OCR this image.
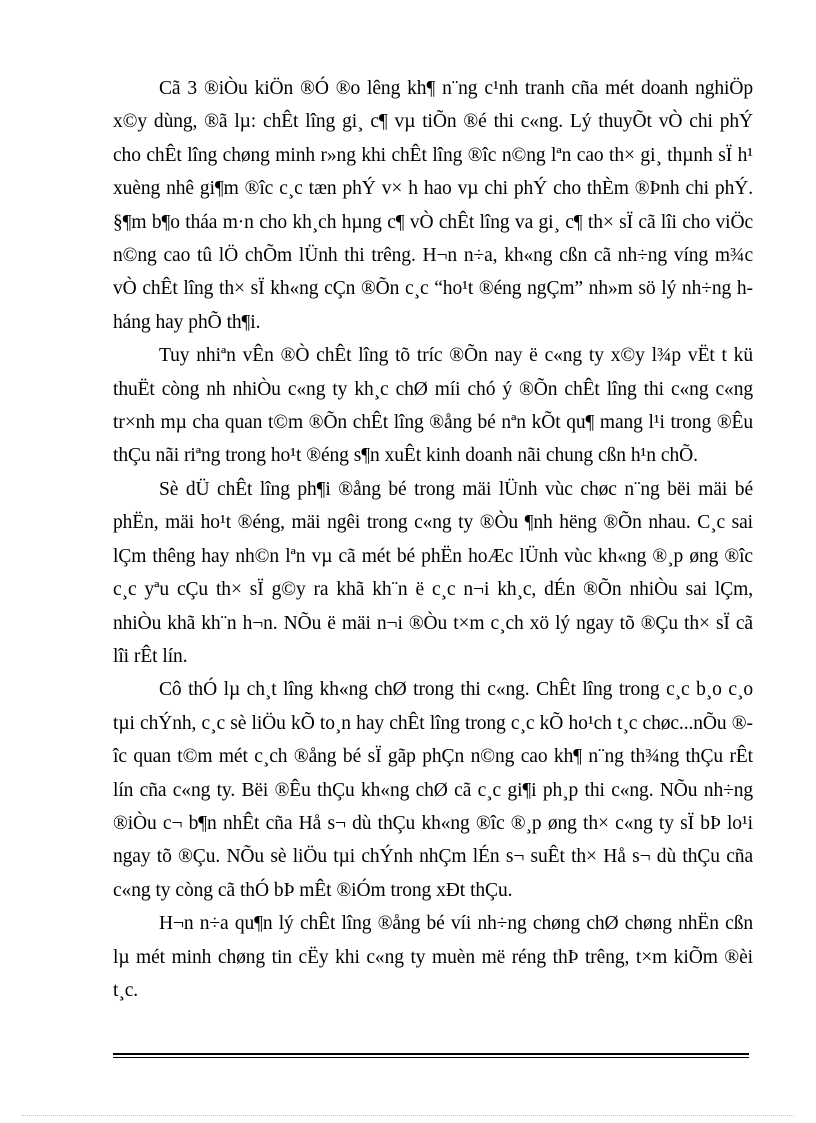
Cã 3 ®iÒu kiÖn ®Ó ®o lêng kh¶ n¨ng c¹nh tranh cña mét doanh nghiÖp x©y dùng, ®ã lµ: chÊt lîng gi¸ c¶ vµ tiÕn ®é thi c«ng. Lý thuyÕt vÒ chi phÝ cho chÊt lîng chøng minh r»ng khi chÊt lîng ®îc n©ng lªn cao th× gi¸ thµnh sÏ h¹ xuèng nhê gi¶m ®îc c¸c tæn phÝ v× h hao vµ chi phÝ cho thÈm ®Þnh chi phÝ. §¶m b¶o tháa m·n cho kh¸ch hµng c¶ vÒ chÊt lîng va gi¸ c¶ th× sÏ cã lîi cho viÖc n©ng cao tû lÖ chÕm lÜnh thi trêng. H¬n n÷a, kh«ng cßn cã nh÷ng víng m¾c vÒ chÊt lîng th× sÏ kh«ng cÇn ®Õn c¸c “ho¹t ®éng ngÇm” nh»m sö lý nh÷ng h háng hay phÕ th¶i.

Tuy nhiªn vÊn ®Ò chÊt lîng tõ tríc ®Õn nay ë c«ng ty x©y l¾p vËt t kü thuËt còng nh nhiÒu c«ng ty kh¸c chØ míi chó ý ®Õn chÊt lîng thi c«ng c«ng tr×nh mµ cha quan t©m ®Õn chÊt lîng ®ång bé nªn kÕt qu¶ mang l¹i trong ®Êu thÇu nãi riªng trong ho¹t ®éng s¶n xuÊt kinh doanh nãi chung cßn h¹n chÕ.

Sè dÜ chÊt lîng ph¶i ®ång bé trong mäi lÜnh vùc chøc n¨ng bëi mäi bé phËn, mäi ho¹t ®éng, mäi ngêi trong c«ng ty ®Òu ¶nh hëng ®Õn nhau. C¸c sai lÇm thêng hay nh©n lªn vµ cã mét bé phËn hoÆc lÜnh vùc kh«ng ®¸p øng ®îc c¸c yªu cÇu th× sÏ g©y ra khã kh¨n ë c¸c n¬i kh¸c, dÉn ®Õn nhiÒu sai lÇm, nhiÒu khã kh¨n h¬n. NÕu ë mäi n¬i ®Òu t×m c¸ch xö lý ngay tõ ®Çu th× sÏ cã lîi rÊt lín.

Cô thÓ lµ ch¸t lîng kh«ng chØ trong thi c«ng. ChÊt lîng trong c¸c b¸o c¸o tµi chÝnh, c¸c sè liÖu kÕ to¸n hay chÊt lîng trong c¸c kÕ ho¹ch t¸c chøc...nÕu ®îc quan t©m mét c¸ch ®ång bé sÏ gãp phÇn n©ng cao kh¶ n¨ng th¾ng thÇu rÊt lín cña c«ng ty. Bëi ®Êu thÇu kh«ng chØ cã c¸c gi¶i ph¸p thi c«ng. NÕu nh÷ng ®iÒu c¬ b¶n nhÊt cña Hå s¬ dù thÇu kh«ng ®îc ®¸p øng th× c«ng ty sÏ bÞ lo¹i ngay tõ ®Çu. NÕu sè liÖu tµi chÝnh nhÇm lÉn s¬ suÊt th× Hå s¬ dù thÇu cña c«ng ty còng cã thÓ bÞ mÊt ®iÓm trong xÐt thÇu.

H¬n n÷a qu¶n lý chÊt lîng ®ång bé víi nh÷ng chøng chØ chøng nhËn cßn lµ mét minh chøng tin cËy khi c«ng ty muèn më réng thÞ trêng, t×m kiÕm ®èi t¸c.
